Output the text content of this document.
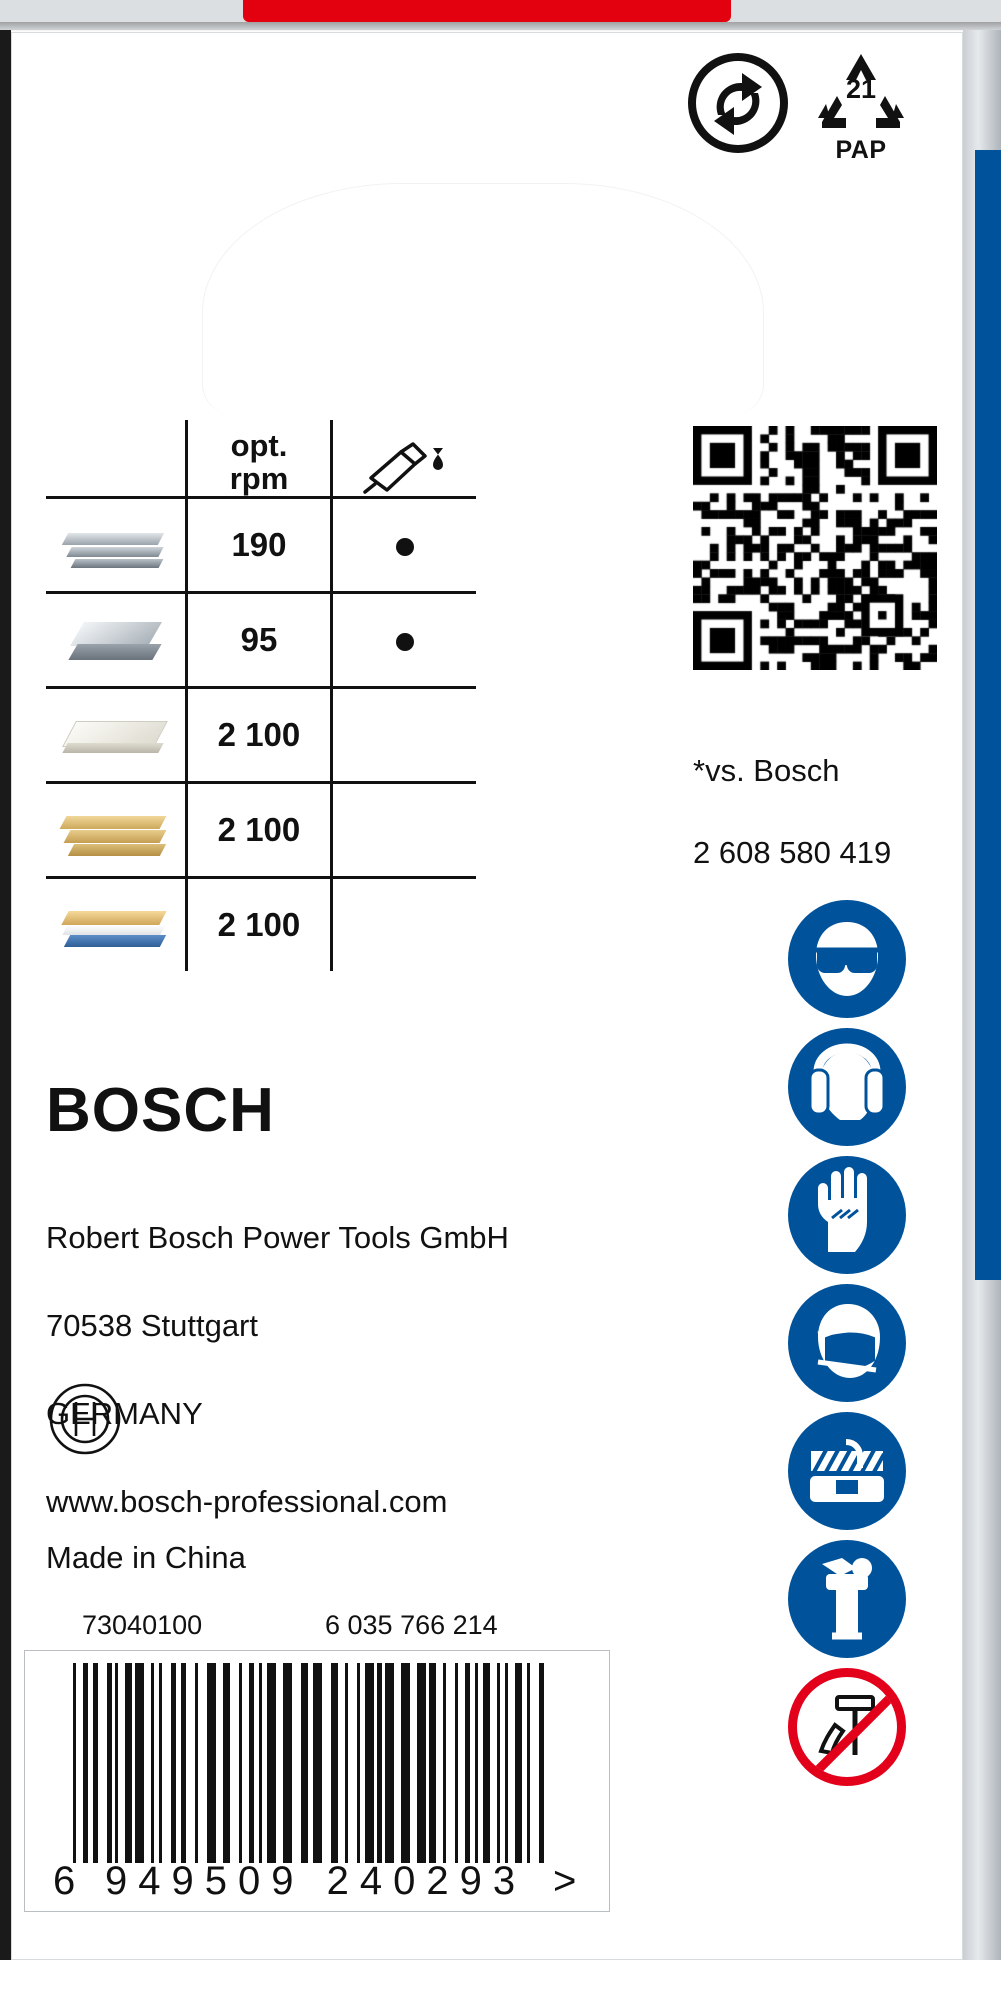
21
PAP

	opt.
rpm

	190	

	95	

	2 100	

	2 100	

	2 100	

*vs. Bosch

2 608 580 419

BOSCH

Robert Bosch Power Tools GmbH

70538 Stuttgart

GERMANY

www.bosch-professional.com

Made in China
73040100	6 035 766 214
6 949509 240293 >
